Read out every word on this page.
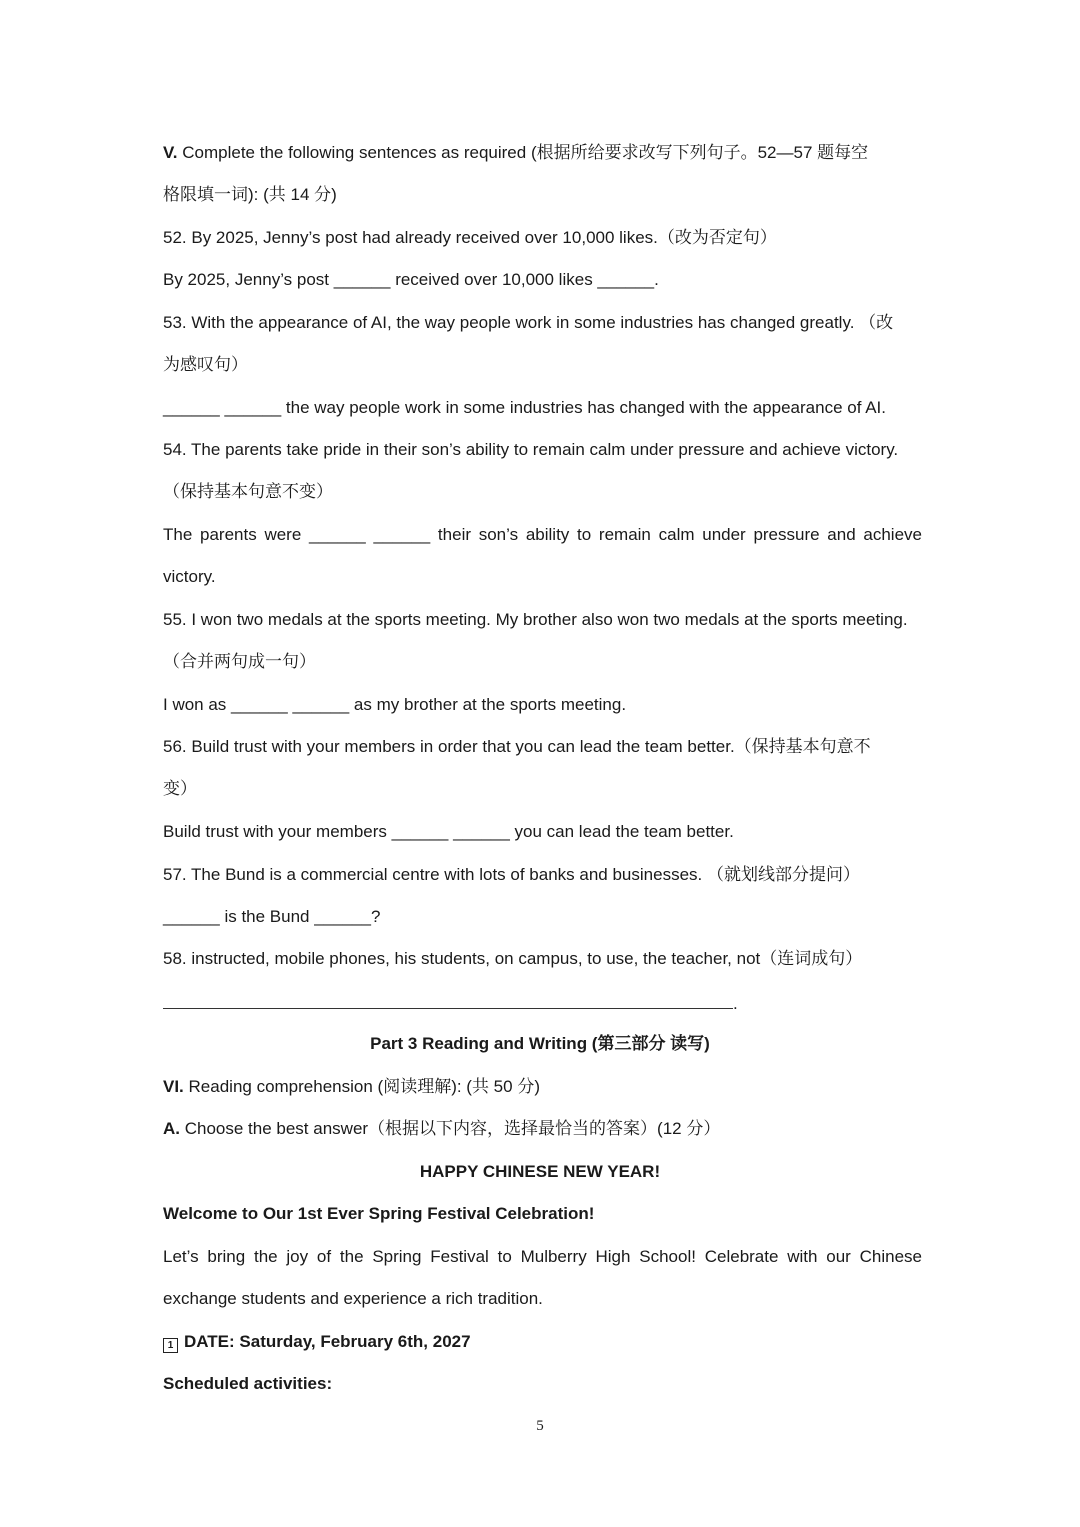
V. Complete the following sentences as required (根据所给要求改写下列句子。52—57 题每空
格限填一词): (共 14 分)
52. By 2025, Jenny’s post had already received over 10,000 likes.（改为否定句）
By 2025, Jenny’s post ______ received over 10,000 likes ______.
53. With the appearance of AI, the way people work in some industries has changed greatly. （改
为感叹句）
______ ______ the way people work in some industries has changed with the appearance of AI.
54. The parents take pride in their son’s ability to remain calm under pressure and achieve victory.
（保持基本句意不变）
The parents were ______ ______ their son’s ability to remain calm under pressure and achieve
victory.
55. I won two medals at the sports meeting. My brother also won two medals at the sports meeting.
（合并两句成一句）
I won as ______ ______ as my brother at the sports meeting.
56. Build trust with your members in order that you can lead the team better.（保持基本句意不
变）
Build trust with your members ______ ______ you can lead the team better.
57. The Bund is a commercial centre with lots of banks and businesses. （就划线部分提问）
______ is the Bund ______?
58. instructed, mobile phones, his students, on campus, to use, the teacher, not（连词成句）
.
Part 3 Reading and Writing (第三部分 读写)
VI. Reading comprehension (阅读理解): (共 50 分)
A. Choose the best answer（根据以下内容，选择最恰当的答案）(12 分）
HAPPY CHINESE NEW YEAR!
Welcome to Our 1st Ever Spring Festival Celebration!
Let’s bring the joy of the Spring Festival to Mulberry High School! Celebrate with our Chinese
exchange students and experience a rich tradition.
1 DATE: Saturday, February 6th, 2027
Scheduled activities:
5
